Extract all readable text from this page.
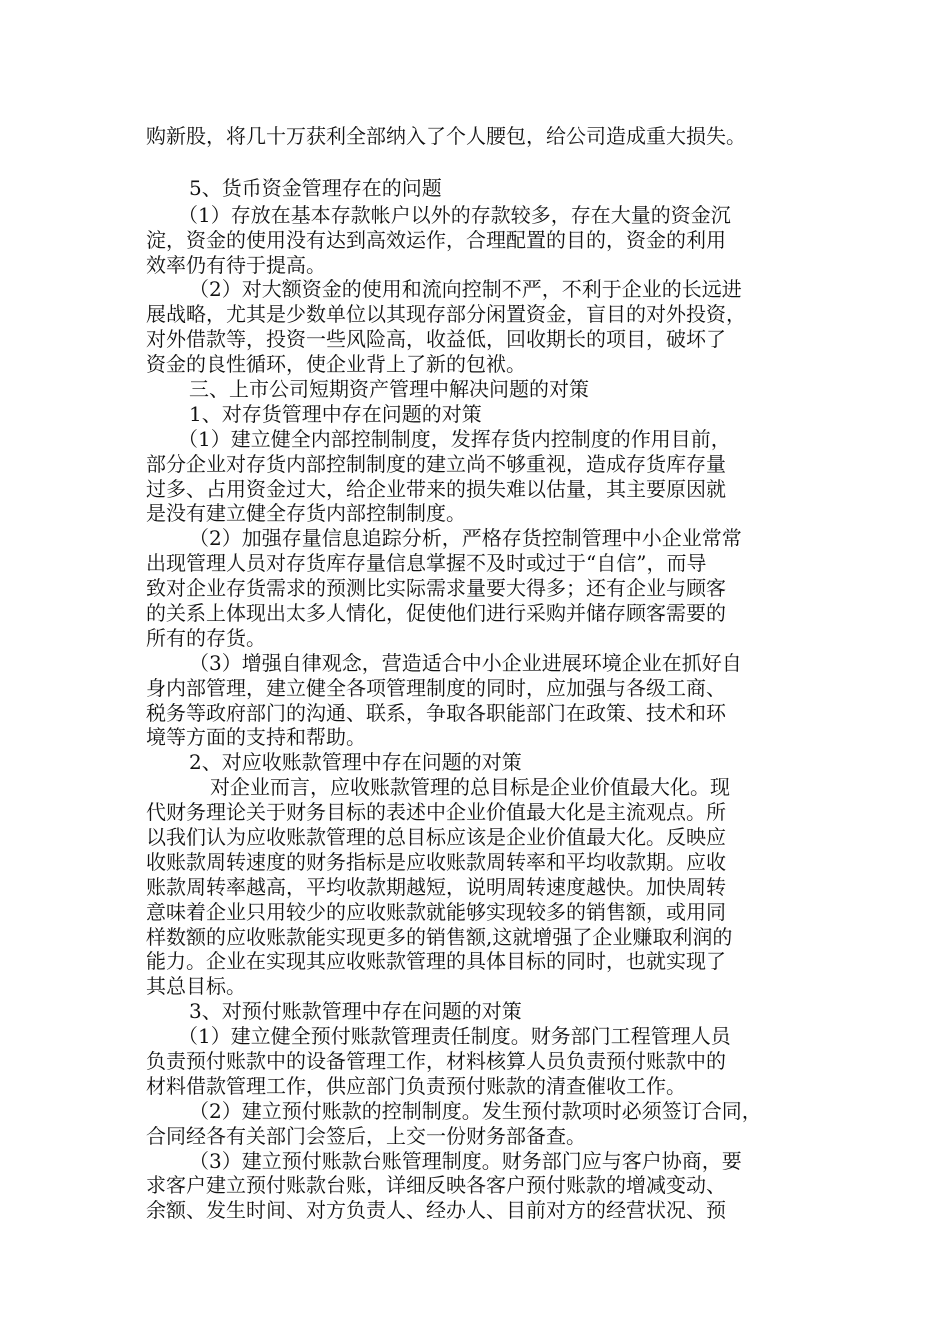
购新股，将几十万获利全部纳入了个人腰包，给公司造成重大损失。
5、货币资金管理存在的问题
（1）存放在基本存款帐户以外的存款较多，存在大量的资金沉
淀，资金的使用没有达到高效运作，合理配置的目的，资金的利用
效率仍有待于提高。
（2）对大额资金的使用和流向控制不严，不利于企业的长远进
展战略，尤其是少数单位以其现存部分闲置资金，盲目的对外投资，
对外借款等，投资一些风险高，收益低，回收期长的项目，破坏了
资金的良性循环，使企业背上了新的包袱。
三、上市公司短期资产管理中解决问题的对策
1、对存货管理中存在问题的对策
（1）建立健全内部控制制度，发挥存货内控制度的作用目前，
部分企业对存货内部控制制度的建立尚不够重视，造成存货库存量
过多、占用资金过大，给企业带来的损失难以估量，其主要原因就
是没有建立健全存货内部控制制度。
（2）加强存量信息追踪分析，严格存货控制管理中小企业常常
出现管理人员对存货库存量信息掌握不及时或过于“自信”，而导
致对企业存货需求的预测比实际需求量要大得多；还有企业与顾客
的关系上体现出太多人情化，促使他们进行采购并储存顾客需要的
所有的存货。
（3）增强自律观念，营造适合中小企业进展环境企业在抓好自
身内部管理，建立健全各项管理制度的同时，应加强与各级工商、
税务等政府部门的沟通、联系，争取各职能部门在政策、技术和环
境等方面的支持和帮助。
2、对应收账款管理中存在问题的对策
对企业而言，应收账款管理的总目标是企业价值最大化。现
代财务理论关于财务目标的表述中企业价值最大化是主流观点。所
以我们认为应收账款管理的总目标应该是企业价值最大化。反映应
收账款周转速度的财务指标是应收账款周转率和平均收款期。应收
账款周转率越高，平均收款期越短，说明周转速度越快。加快周转
意味着企业只用较少的应收账款就能够实现较多的销售额，或用同
样数额的应收账款能实现更多的销售额,这就增强了企业赚取利润的
能力。企业在实现其应收账款管理的具体目标的同时，也就实现了
其总目标。
3、对预付账款管理中存在问题的对策
（1）建立健全预付账款管理责任制度。财务部门工程管理人员
负责预付账款中的设备管理工作，材料核算人员负责预付账款中的
材料借款管理工作，供应部门负责预付账款的清查催收工作。
（2）建立预付账款的控制制度。发生预付款项时必须签订合同，
合同经各有关部门会签后，上交一份财务部备查。
（3）建立预付账款台账管理制度。财务部门应与客户协商，要
求客户建立预付账款台账，详细反映各客户预付账款的增减变动、
余额、发生时间、对方负责人、经办人、目前对方的经营状况、预
